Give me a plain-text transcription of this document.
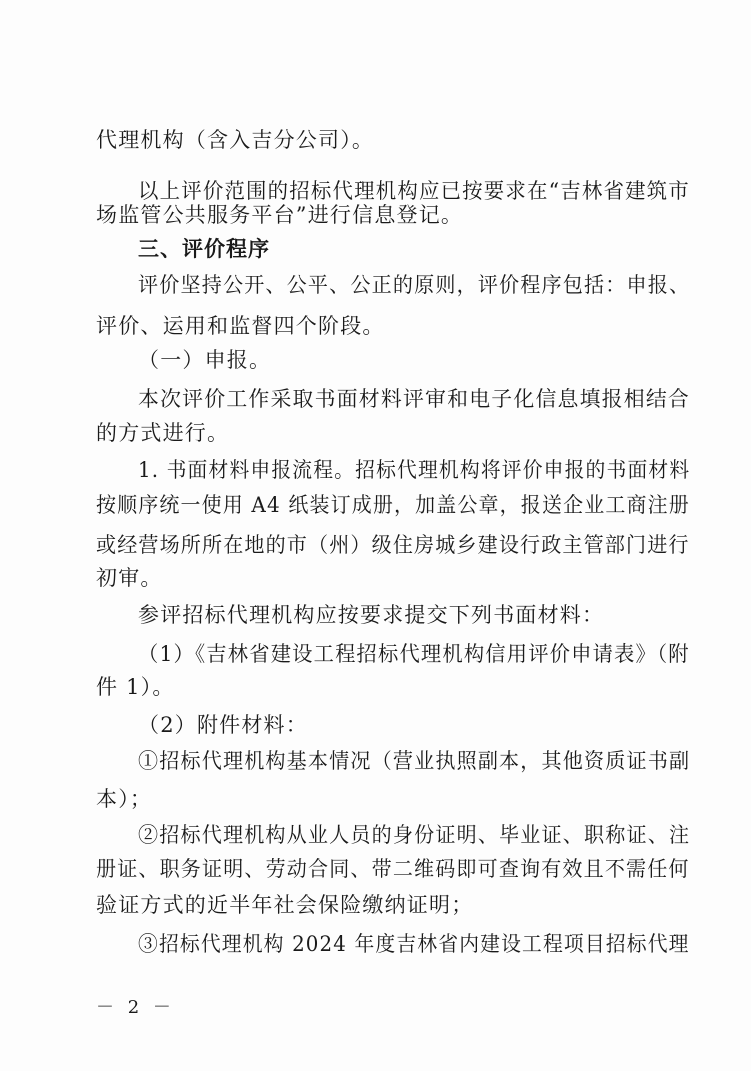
代理机构（含入吉分公司）。
以上评价范围的招标代理机构应已按要求在“吉林省建筑市
场监管公共服务平台”进行信息登记。
三、评价程序
评价坚持公开、公平、公正的原则，评价程序包括：申报、
评价、运用和监督四个阶段。
（一）申报。
本次评价工作采取书面材料评审和电子化信息填报相结合
的方式进行。
1. 书面材料申报流程。招标代理机构将评价申报的书面材料
按顺序统一使用 A4 纸装订成册，加盖公章，报送企业工商注册
或经营场所所在地的市（州）级住房城乡建设行政主管部门进行
初审。
参评招标代理机构应按要求提交下列书面材料：
（1）《吉林省建设工程招标代理机构信用评价申请表》（附
件 1）。
（2）附件材料：
①招标代理机构基本情况（营业执照副本，其他资质证书副
本）；
②招标代理机构从业人员的身份证明、毕业证、职称证、注
册证、职务证明、劳动合同、带二维码即可查询有效且不需任何
验证方式的近半年社会保险缴纳证明；
③招标代理机构 2024 年度吉林省内建设工程项目招标代理
－ 2 －
